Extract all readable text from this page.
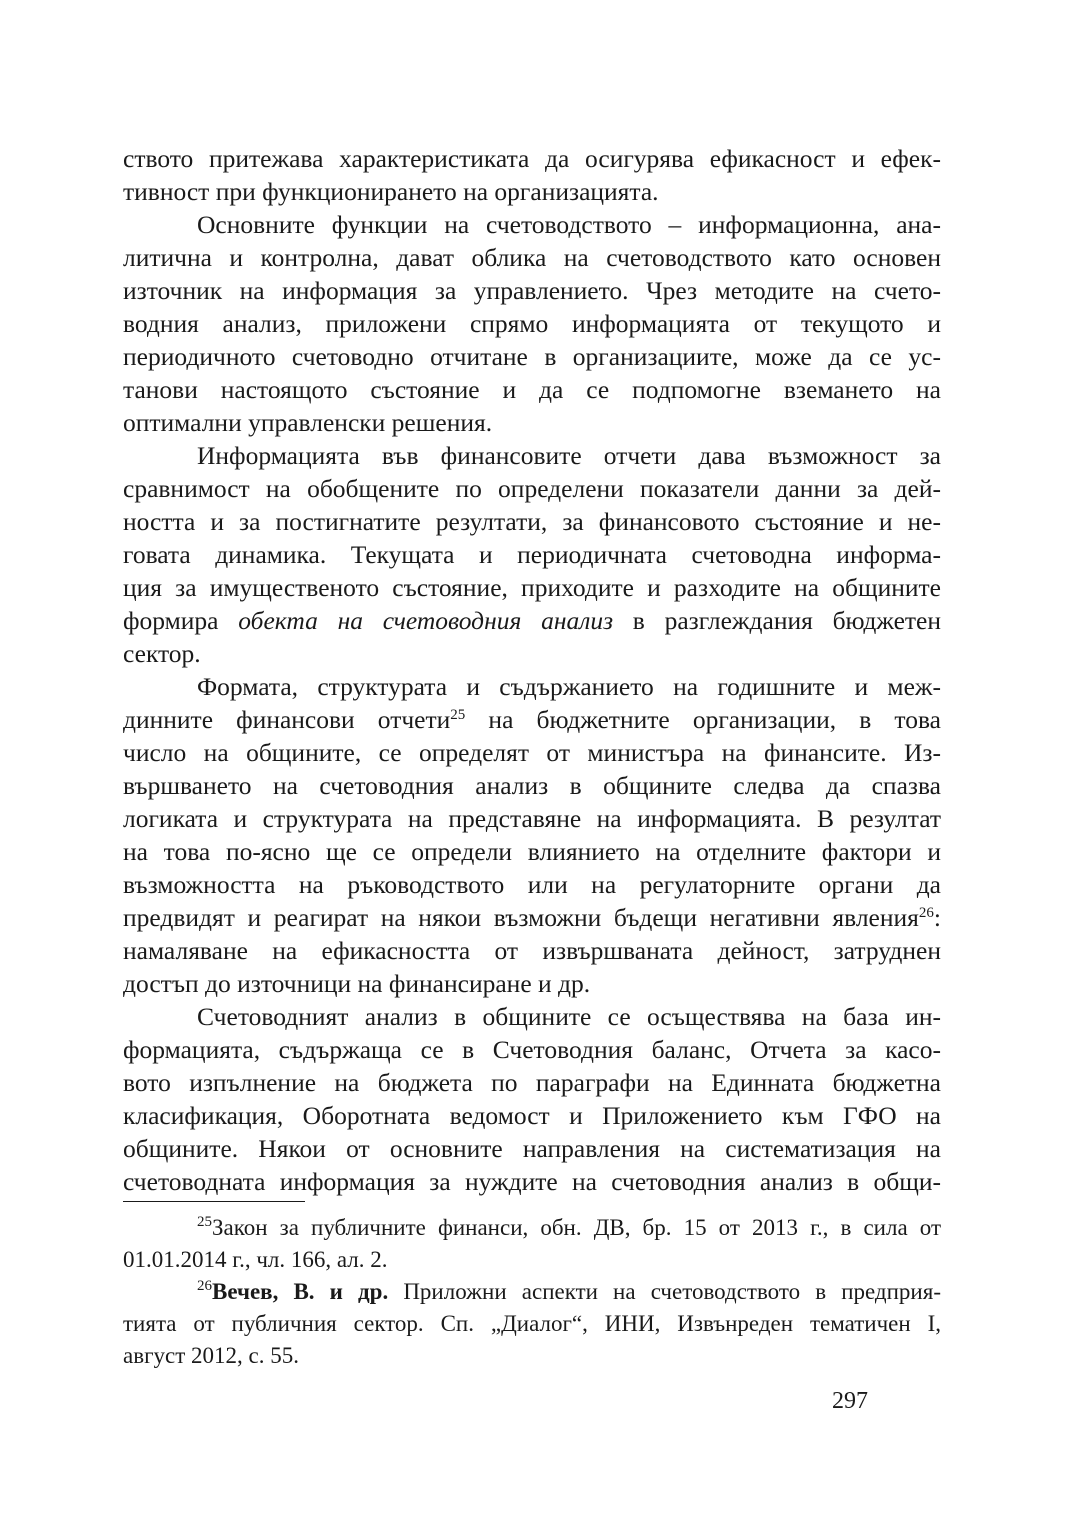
ството притежава характеристиката да осигурява ефикасност и ефек-
тивност при функционирането на организацията.
Основните функции на счетоводството – информационна, ана-
литична и контролна, дават облика на счетоводството като основен
източник на информация за управлението. Чрез методите на счето-
водния анализ, приложени спрямо информацията от текущото и
периодичното счетоводно отчитане в организациите, може да се ус-
танови настоящото състояние и да се подпомогне вземането на
оптимални управленски решения.
Информацията във финансовите отчети дава възможност за
сравнимост на обобщените по определени показатели данни за дей-
ността и за постигнатите резултати, за финансовото състояние и не-
говата динамика. Текущата и периодичната счетоводна информа-
ция за имущественото състояние, приходите и разходите на общините
формира обекта на счетоводния анализ в разглеждания бюджетен
сектор.
Формата, структурата и съдържанието на годишните и меж-
динните финансови отчети$^{25}$ на бюджетните организации, в това
число на общините, се определят от министъра на финансите. Из-
вършването на счетоводния анализ в общините следва да спазва
логиката и структурата на представяне на информацията. В резултат
на това по-ясно ще се определи влиянието на отделните фактори и
възможността на ръководството или на регулаторните органи да
предвидят и реагират на някои възможни бъдещи негативни явления$^{26}$:
намаляване на ефикасността от извършваната дейност, затруднен
достъп до източници на финансиране и др.
Счетоводният анализ в общините се осъществява на база ин-
формацията, съдържаща се в Счетоводния баланс, Отчета за касо-
вото изпълнение на бюджета по параграфи на Единната бюджетна
класификация, Оборотната ведомост и Приложението към ГФО на
общините. Някои от основните направления на систематизация на
счетоводната информация за нуждите на счетоводния анализ в общи-
$^{25}$Закон за публичните финанси, обн. ДВ, бр. 15 от 2013 г., в сила от
01.01.2014 г., чл. 166, ал. 2.
$^{26}$Вечев, В. и др. Приложни аспекти на счетоводството в предприя-
тията от публичния сектор. Сп. „Диалог“, ИНИ, Извънреден тематичен І,
август 2012, с. 55.
297
